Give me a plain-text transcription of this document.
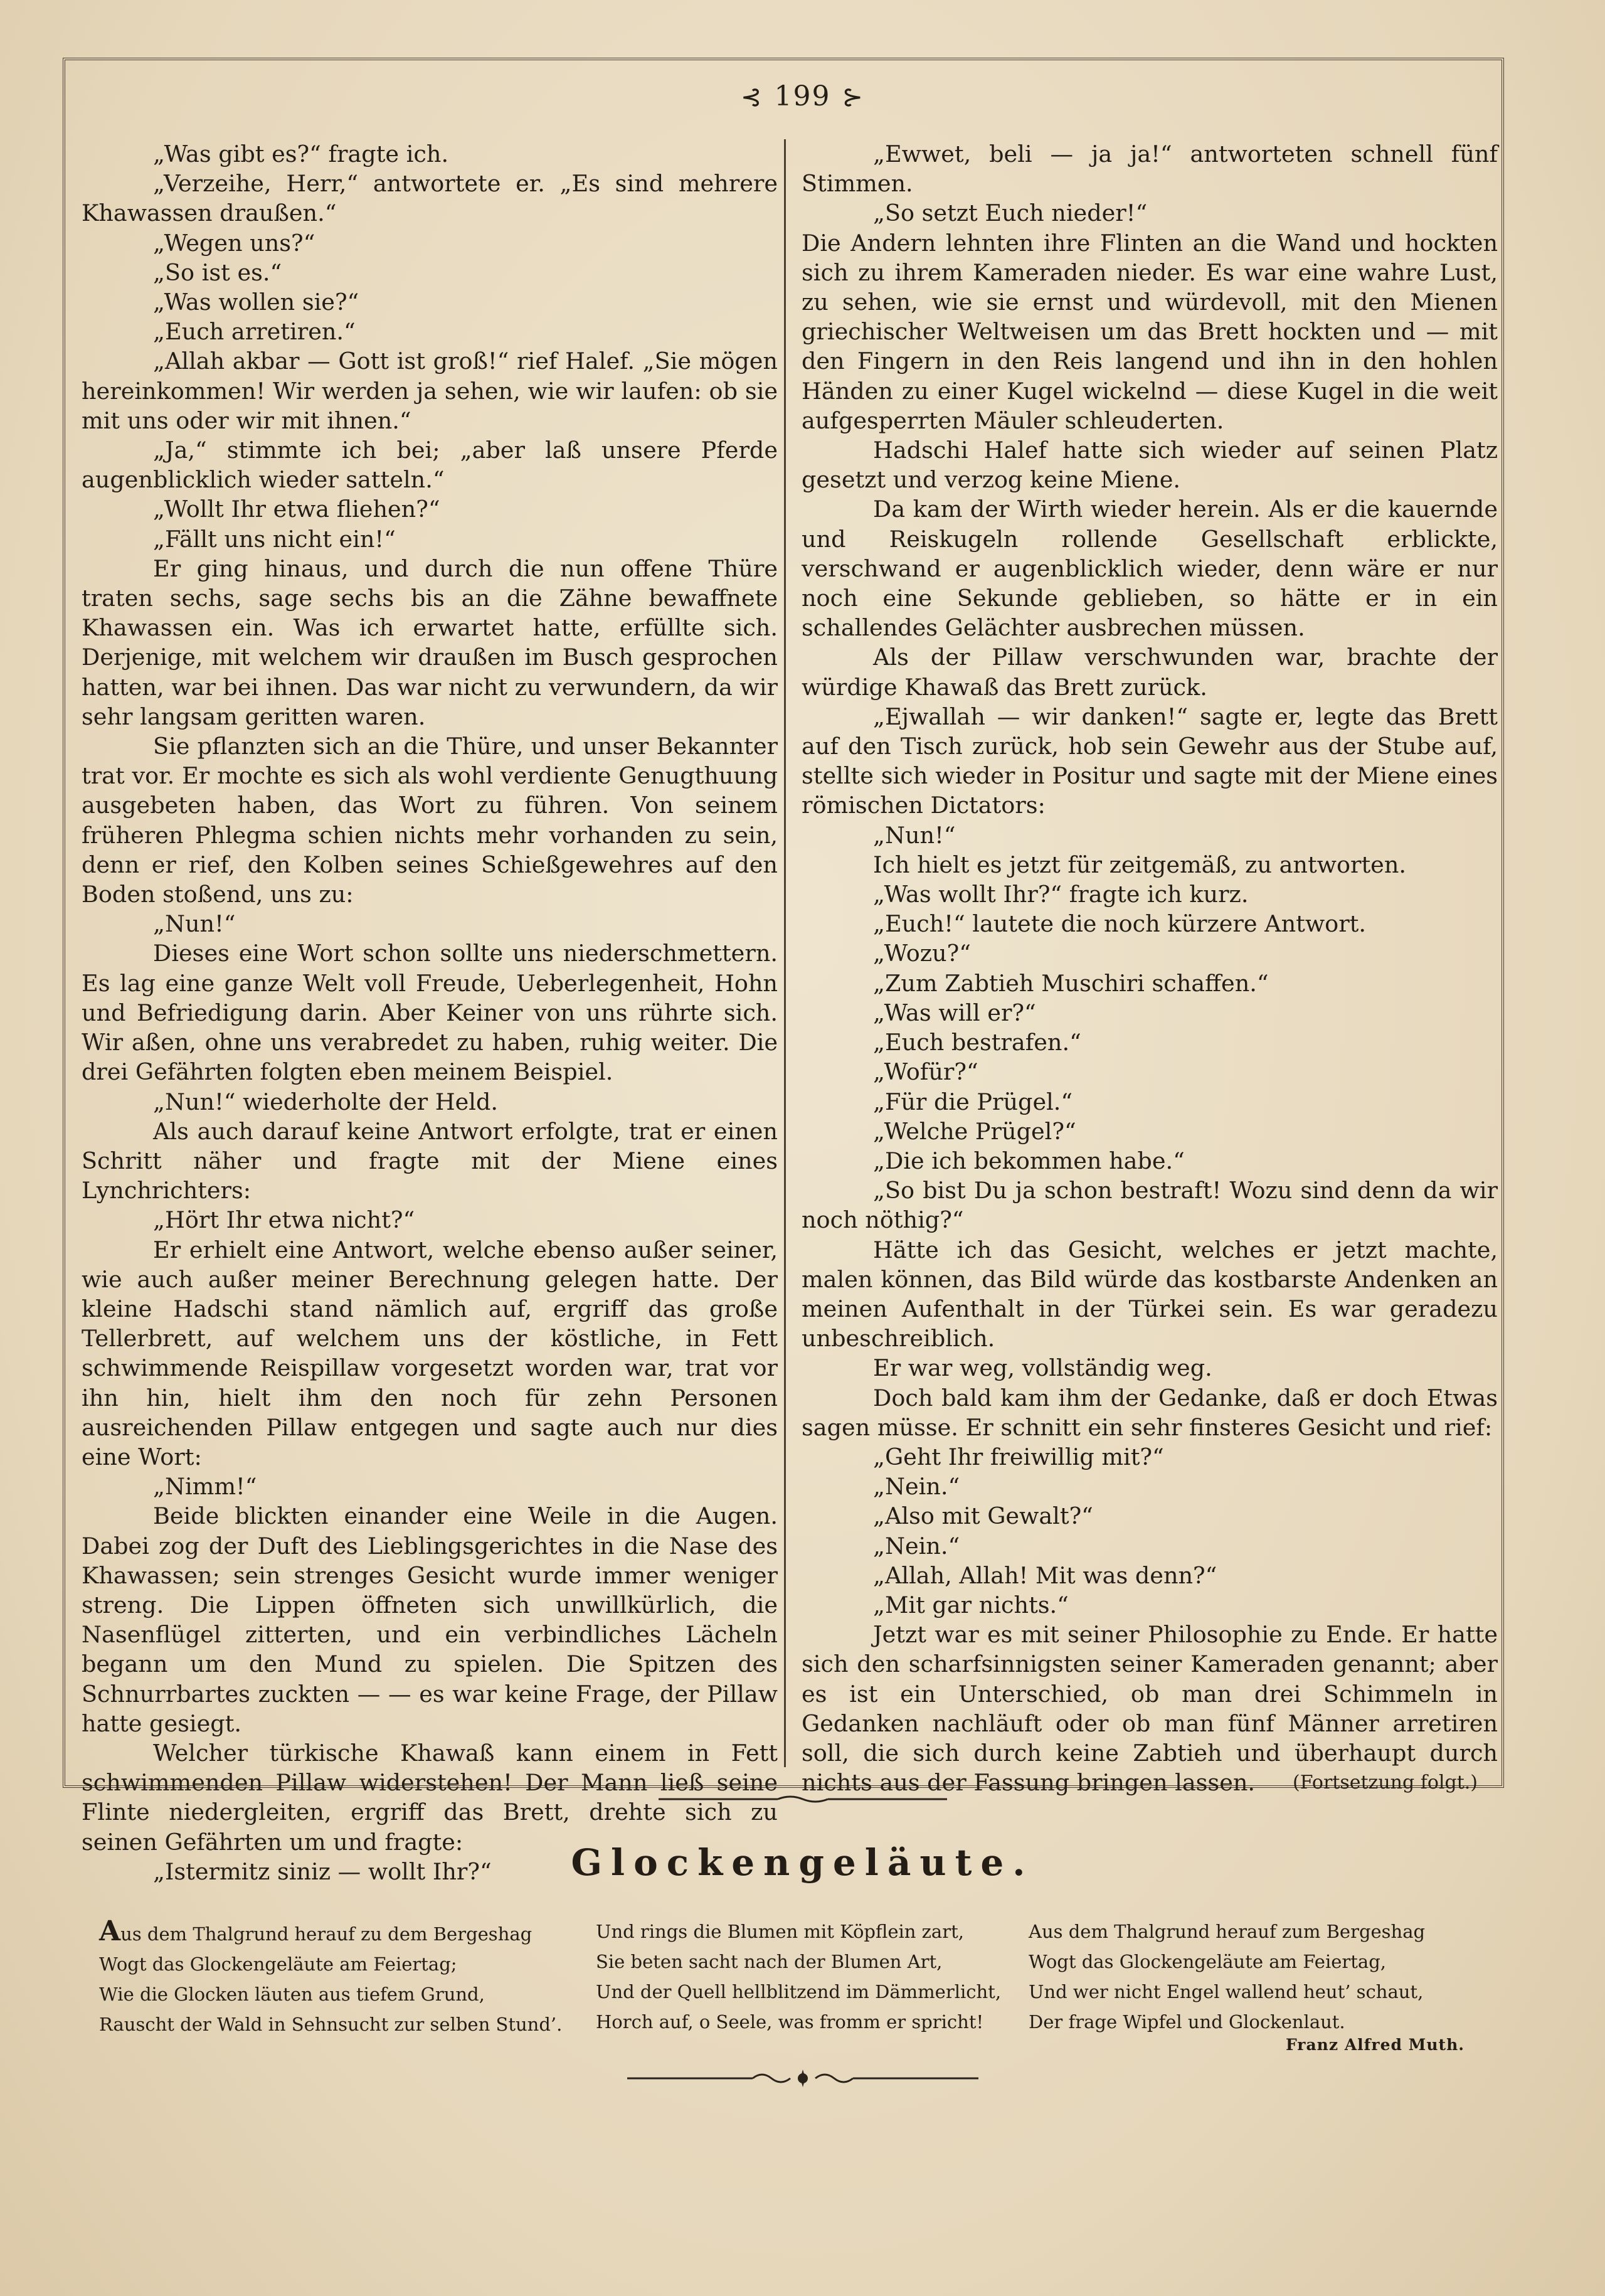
⊰ 199 ⊱

„Was gibt es?“ fragte ich.

„Verzeihe, Herr,“ antwortete er. „Es sind mehrere Khawassen draußen.“

„Wegen uns?“

„So ist es.“

„Was wollen sie?“

„Euch arretiren.“

„Allah akbar — Gott ist groß!“ rief Halef. „Sie mögen hereinkommen! Wir werden ja sehen, wie wir laufen: ob sie mit uns oder wir mit ihnen.“

„Ja,“ stimmte ich bei; „aber laß unsere Pferde augenblicklich wieder satteln.“

„Wollt Ihr etwa fliehen?“

„Fällt uns nicht ein!“

Er ging hinaus, und durch die nun offene Thüre traten sechs, sage sechs bis an die Zähne bewaffnete Khawassen ein. Was ich erwartet hatte, erfüllte sich. Derjenige, mit welchem wir draußen im Busch gesprochen hatten, war bei ihnen. Das war nicht zu verwundern, da wir sehr langsam geritten waren.

Sie pflanzten sich an die Thüre, und unser Bekannter trat vor. Er mochte es sich als wohl verdiente Genugthuung ausgebeten haben, das Wort zu führen. Von seinem früheren Phlegma schien nichts mehr vorhanden zu sein, denn er rief, den Kolben seines Schießgewehres auf den Boden stoßend, uns zu:

„Nun!“

Dieses eine Wort schon sollte uns niederschmettern. Es lag eine ganze Welt voll Freude, Ueberlegenheit, Hohn und Befriedigung darin. Aber Keiner von uns rührte sich. Wir aßen, ohne uns verabredet zu haben, ruhig weiter. Die drei Gefährten folgten eben meinem Beispiel.

„Nun!“ wiederholte der Held.

Als auch darauf keine Antwort erfolgte, trat er einen Schritt näher und fragte mit der Miene eines Lynchrichters:

„Hört Ihr etwa nicht?“

Er erhielt eine Antwort, welche ebenso außer seiner, wie auch außer meiner Berechnung gelegen hatte. Der kleine Hadschi stand nämlich auf, ergriff das große Tellerbrett, auf welchem uns der köstliche, in Fett schwimmende Reispillaw vorgesetzt worden war, trat vor ihn hin, hielt ihm den noch für zehn Personen ausreichenden Pillaw entgegen und sagte auch nur dies eine Wort:

„Nimm!“

Beide blickten einander eine Weile in die Augen. Dabei zog der Duft des Lieblingsgerichtes in die Nase des Khawassen; sein strenges Gesicht wurde immer weniger streng. Die Lippen öffneten sich unwillkürlich, die Nasenflügel zitterten, und ein verbindliches Lächeln begann um den Mund zu spielen. Die Spitzen des Schnurrbartes zuckten — — es war keine Frage, der Pillaw hatte gesiegt.

Welcher türkische Khawaß kann einem in Fett schwimmenden Pillaw widerstehen! Der Mann ließ seine Flinte niedergleiten, ergriff das Brett, drehte sich zu seinen Gefährten um und fragte:

„Istermitz siniz — wollt Ihr?“

„Ewwet, beli — ja ja!“ antworteten schnell fünf Stimmen.

„So setzt Euch nieder!“

Die Andern lehnten ihre Flinten an die Wand und hockten sich zu ihrem Kameraden nieder. Es war eine wahre Lust, zu sehen, wie sie ernst und würdevoll, mit den Mienen griechischer Weltweisen um das Brett hockten und — mit den Fingern in den Reis langend und ihn in den hohlen Händen zu einer Kugel wickelnd — diese Kugel in die weit aufgesperrten Mäuler schleuderten.

Hadschi Halef hatte sich wieder auf seinen Platz gesetzt und verzog keine Miene.

Da kam der Wirth wieder herein. Als er die kauernde und Reiskugeln rollende Gesellschaft erblickte, verschwand er augenblicklich wieder, denn wäre er nur noch eine Sekunde geblieben, so hätte er in ein schallendes Gelächter ausbrechen müssen.

Als der Pillaw verschwunden war, brachte der würdige Khawaß das Brett zurück.

„Ejwallah — wir danken!“ sagte er, legte das Brett auf den Tisch zurück, hob sein Gewehr aus der Stube auf, stellte sich wieder in Positur und sagte mit der Miene eines römischen Dictators:

„Nun!“

Ich hielt es jetzt für zeitgemäß, zu antworten.

„Was wollt Ihr?“ fragte ich kurz.

„Euch!“ lautete die noch kürzere Antwort.

„Wozu?“

„Zum Zabtieh Muschiri schaffen.“

„Was will er?“

„Euch bestrafen.“

„Wofür?“

„Für die Prügel.“

„Welche Prügel?“

„Die ich bekommen habe.“

„So bist Du ja schon bestraft! Wozu sind denn da wir noch nöthig?“

Hätte ich das Gesicht, welches er jetzt machte, malen können, das Bild würde das kostbarste Andenken an meinen Aufenthalt in der Türkei sein. Es war geradezu unbeschreiblich.

Er war weg, vollständig weg.

Doch bald kam ihm der Gedanke, daß er doch Etwas sagen müsse. Er schnitt ein sehr finsteres Gesicht und rief:

„Geht Ihr freiwillig mit?“

„Nein.“

„Also mit Gewalt?“

„Nein.“

„Allah, Allah! Mit was denn?“

„Mit gar nichts.“

Jetzt war es mit seiner Philosophie zu Ende. Er hatte sich den scharfsinnigsten seiner Kameraden genannt; aber es ist ein Unterschied, ob man drei Schimmeln in Gedanken nachläuft oder ob man fünf Männer arretiren soll, die sich durch keine Zabtieh und überhaupt durch nichts aus der Fassung bringen lassen.	(Fortsetzung folgt.)

Glockengeläute.
Aus dem Thalgrund herauf zu dem Bergeshag
Wogt das Glockengeläute am Feiertag;
Wie die Glocken läuten aus tiefem Grund,
Rauscht der Wald in Sehnsucht zur selben Stund’.
Und rings die Blumen mit Köpflein zart,
Sie beten sacht nach der Blumen Art,
Und der Quell hellblitzend im Dämmerlicht,
Horch auf, o Seele, was fromm er spricht!
Aus dem Thalgrund herauf zum Bergeshag
Wogt das Glockengeläute am Feiertag,
Und wer nicht Engel wallend heut’ schaut,
Der frage Wipfel und Glockenlaut.
Franz Alfred Muth.
